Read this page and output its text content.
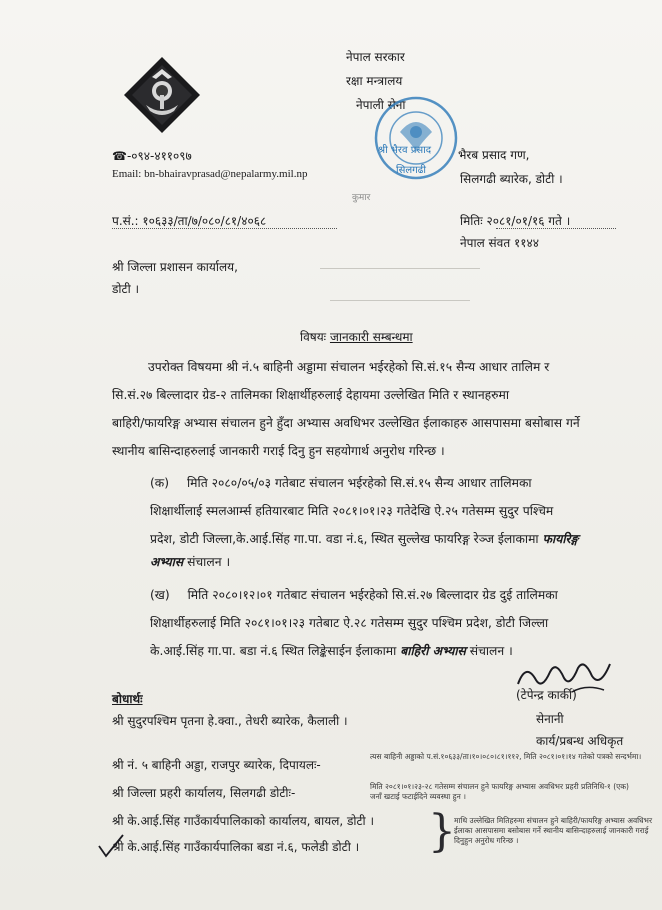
नेपाल सरकार
रक्षा मन्त्रालय
नेपाली सेना
श्री भैरव प्रसाद
सिलगढी
भैरब प्रसाद गण,
सिलगढी ब्यारेक, डोटी ।
☎-०९४-४११०९७
Email: bn-bhairavprasad@nepalarmy.mil.np
कुमार
प.सं.: १०६३३/ता/७/०८०/८१/४०६८	मितिः २०८१/०१/१६ गते ।
नेपाल संवत ११४४
श्री जिल्ला प्रशासन कार्यालय,
डोटी ।
विषयः जानकारी सम्बन्धमा
उपरोक्त विषयमा श्री नं.५ बाहिनी अड्डामा संचालन भईरहेको सि.सं.१५ सैन्य आधार तालिम र
सि.सं.२७ बिल्लादार ग्रेड-२ तालिमका शिक्षार्थीहरुलाई देहायमा उल्लेखित मिति र स्थानहरुमा
बाहिरी/फायरिङ्ग अभ्यास संचालन हुने हुँदा अभ्यास अवधिभर उल्लेखित ईलाकाहरु आसपासमा बसोबास गर्ने
स्थानीय बासिन्दाहरुलाई जानकारी गराई दिनु हुन सहयोगार्थ अनुरोध गरिन्छ ।
(क) मिति २०८०/०५/०३ गतेबाट संचालन भईरहेको सि.सं.१५ सैन्य आधार तालिमका
शिक्षार्थीलाई स्मलआर्म्स हतियारबाट मिति २०८१।०१।२३ गतेदेखि ऐ.२५ गतेसम्म सुदुर पश्चिम
प्रदेश, डोटी जिल्ला,के.आई.सिंह गा.पा. वडा नं.६, स्थित सुल्लेख फायरिङ्ग रेञ्ज ईलाकामा फायरिङ्ग
अभ्यास संचालन ।
(ख) मिति २०८०।१२।०१ गतेबाट संचालन भईरहेको सि.सं.२७ बिल्लादार ग्रेड दुई तालिमका
शिक्षार्थीहरुलाई मिति २०८१।०१।२३ गतेबाट ऐ.२८ गतेसम्म सुदुर पश्चिम प्रदेश, डोटी जिल्ला
के.आई.सिंह गा.पा. बडा नं.६ स्थित लिङ्केसाईन ईलाकामा बाहिरी अभ्यास संचालन ।
(टेपेन्द्र कार्की)
सेनानी
कार्य/प्रबन्ध अधिकृत
बोधार्थः
श्री सुदुरपश्चिम पृतना हे.क्वा., तेधरी ब्यारेक, कैलाली ।
श्री नं. ५ बाहिनी अड्डा, राजपुर ब्यारेक, दिपायलः-
श्री जिल्ला प्रहरी कार्यालय, सिलगढी डोटीः-
श्री के.आई.सिंह गाउँकार्यपालिकाको कार्यालय, बायल, डोटी ।
श्री के.आई.सिंह गाउँकार्यपालिका बडा नं.६, फलेडी डोटी । }
त्यस बाहिनी अड्डाको प.सं.१०६३३/ता।१०।०८०।८१।११२, मिति २०८१।०१।१४ गतेको पत्रको सन्दर्भमा।
मिति २०८१।०१।२३-२८ गतेसम्म संचालन हुने फायरिङ्ग अभ्यास अवधिभर प्रहरी प्रतिनिधि-१ (एक) जनाँ खटाई फटाईदिने व्यवस्था हुन ।
माथि उल्लेखित मितिहरुमा संचालन हुने बाहिरी/फायरिङ्ग अभ्यास अवधिभर ईलाका आसपासमा बसोबास गर्ने स्थानीय बासिन्दाहरुलाई जानकारी गराई दिनुहुन अनुरोध गरिन्छ ।
